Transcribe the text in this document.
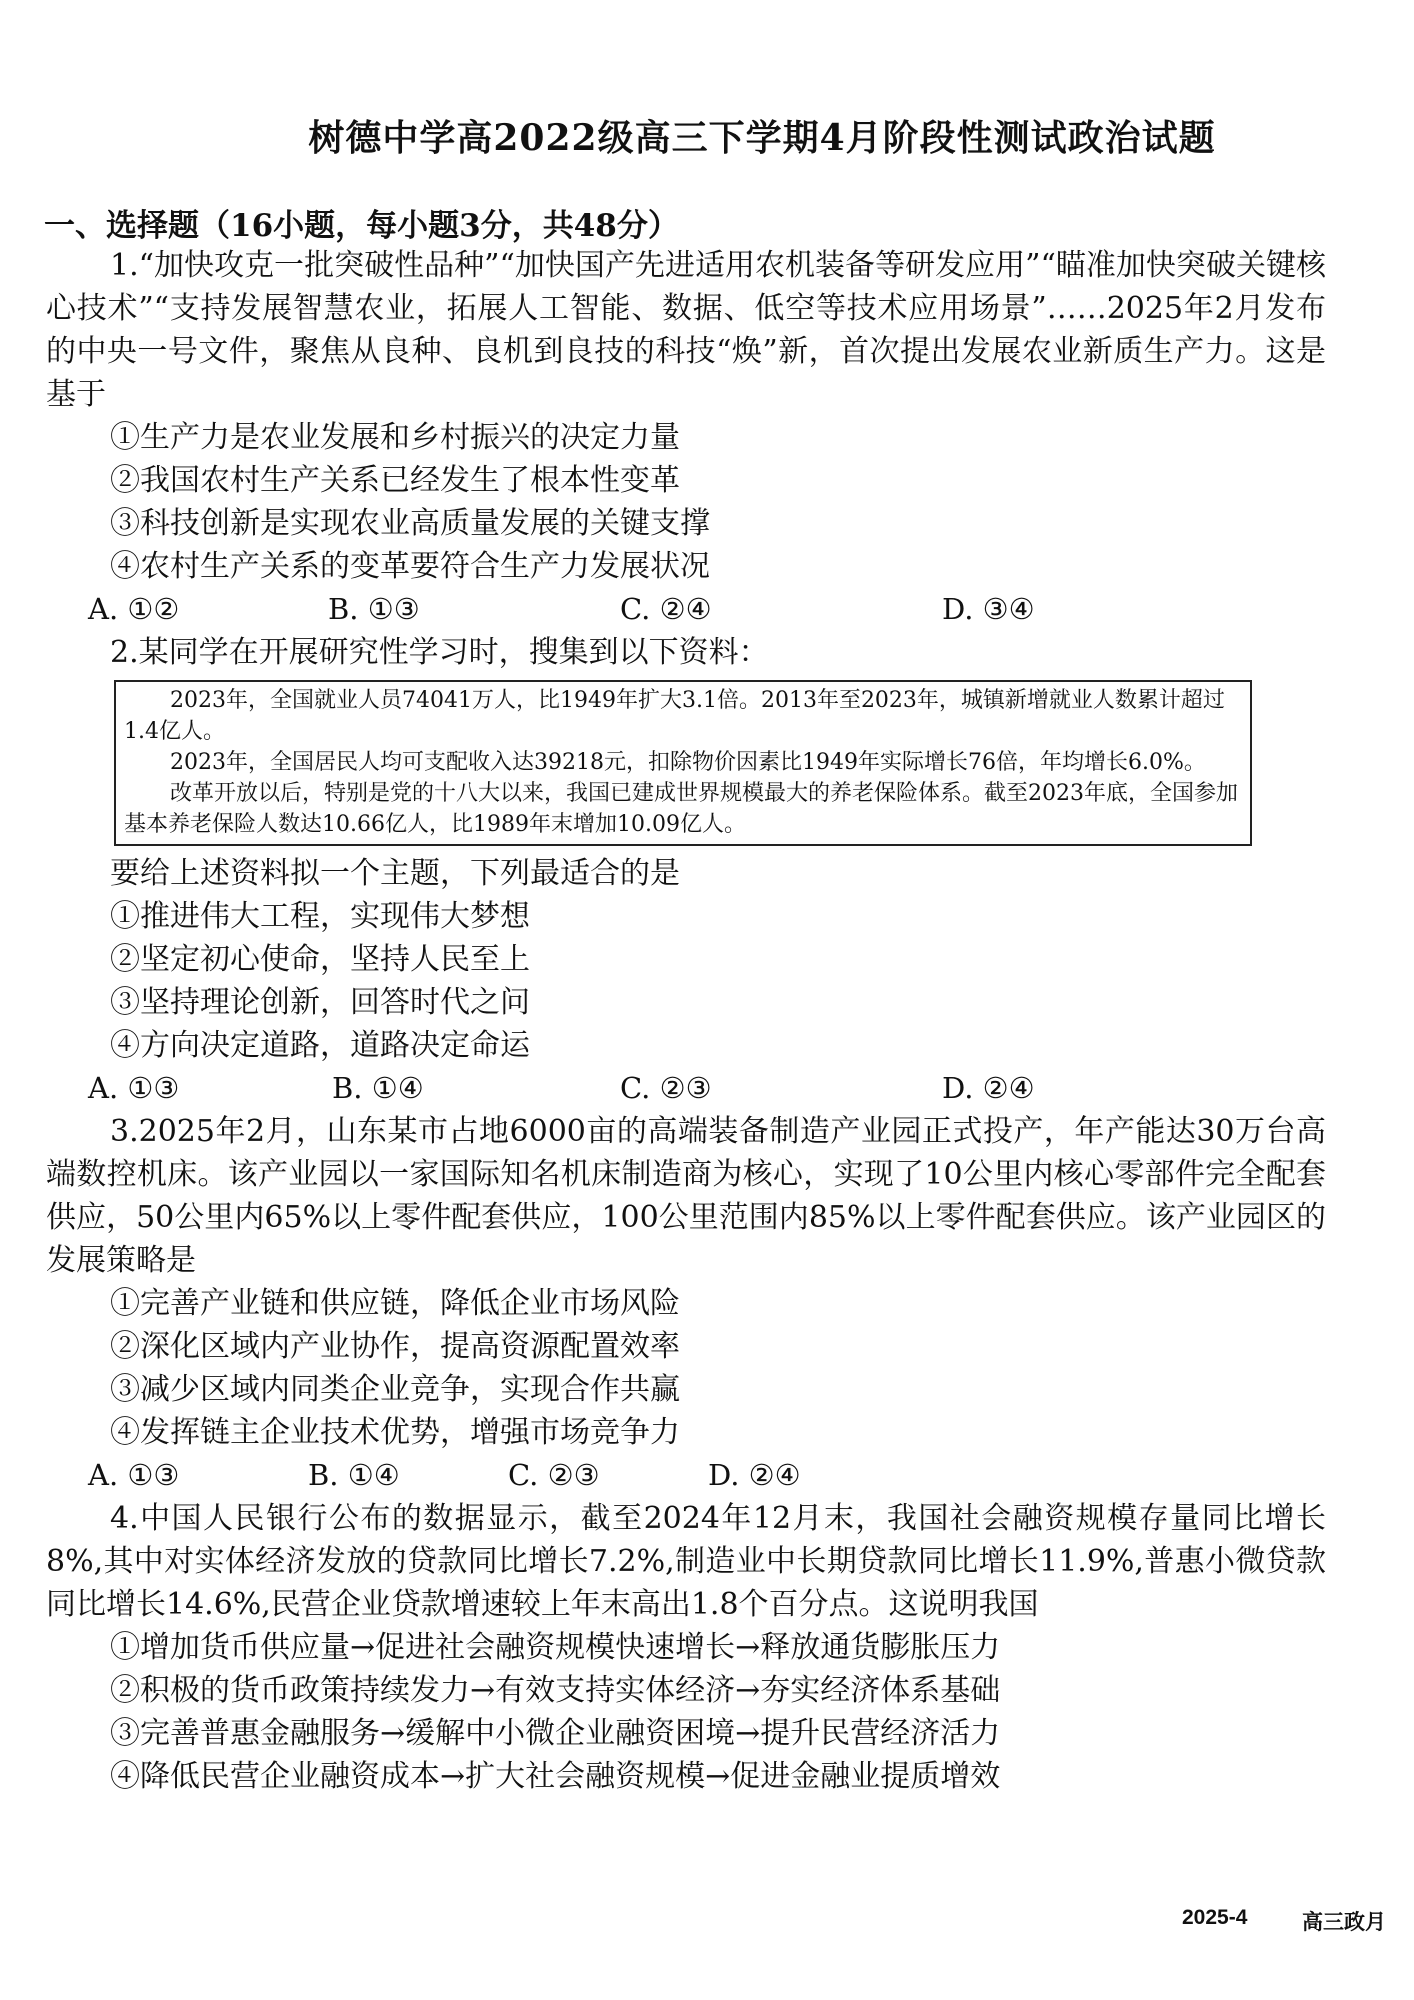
树德中学高2022级高三下学期4月阶段性测试政治试题
一、选择题（16小题，每小题3分，共48分）

1.“加快攻克一批突破性品种”“加快国产先进适用农机装备等研发应用”“瞄准加快突破关键核心技术”“支持发展智慧农业，拓展人工智能、数据、低空等技术应用场景”……2025年2月发布的中央一号文件，聚焦从良种、良机到良技的科技“焕”新，首次提出发展农业新质生产力。这是基于

①生产力是农业发展和乡村振兴的决定力量

②我国农村生产关系已经发生了根本性变革

③科技创新是实现农业高质量发展的关键支撑

④农村生产关系的变革要符合生产力发展状况

A. ①②	B. ①③	C. ②④	D. ③④

2.某同学在开展研究性学习时，搜集到以下资料：

2023年，全国就业人员74041万人，比1949年扩大3.1倍。2013年至2023年，城镇新增就业人数累计超过1.4亿人。

2023年，全国居民人均可支配收入达39218元，扣除物价因素比1949年实际增长76倍，年均增长6.0%。

改革开放以后，特别是党的十八大以来，我国已建成世界规模最大的养老保险体系。截至2023年底，全国参加基本养老保险人数达10.66亿人，比1989年末增加10.09亿人。

要给上述资料拟一个主题，下列最适合的是

①推进伟大工程，实现伟大梦想

②坚定初心使命，坚持人民至上

③坚持理论创新，回答时代之问

④方向决定道路，道路决定命运

A. ①③	B. ①④	C. ②③	D. ②④

3.2025年2月，山东某市占地6000亩的高端装备制造产业园正式投产，年产能达30万台高端数控机床。该产业园以一家国际知名机床制造商为核心，实现了10公里内核心零部件完全配套供应，50公里内65%以上零件配套供应，100公里范围内85%以上零件配套供应。该产业园区的发展策略是

①完善产业链和供应链，降低企业市场风险

②深化区域内产业协作，提高资源配置效率

③减少区域内同类企业竞争，实现合作共赢

④发挥链主企业技术优势，增强市场竞争力

A. ①③	B. ①④	C. ②③	D. ②④

4.中国人民银行公布的数据显示，截至2024年12月末，我国社会融资规模存量同比增长8%,其中对实体经济发放的贷款同比增长7.2%,制造业中长期贷款同比增长11.9%,普惠小微贷款同比增长14.6%,民营企业贷款增速较上年末高出1.8个百分点。这说明我国

①增加货币供应量→促进社会融资规模快速增长→释放通货膨胀压力

②积极的货币政策持续发力→有效支持实体经济→夯实经济体系基础

③完善普惠金融服务→缓解中小微企业融资困境→提升民营经济活力

④降低民营企业融资成本→扩大社会融资规模→促进金融业提质增效

2025-4	高三政月
